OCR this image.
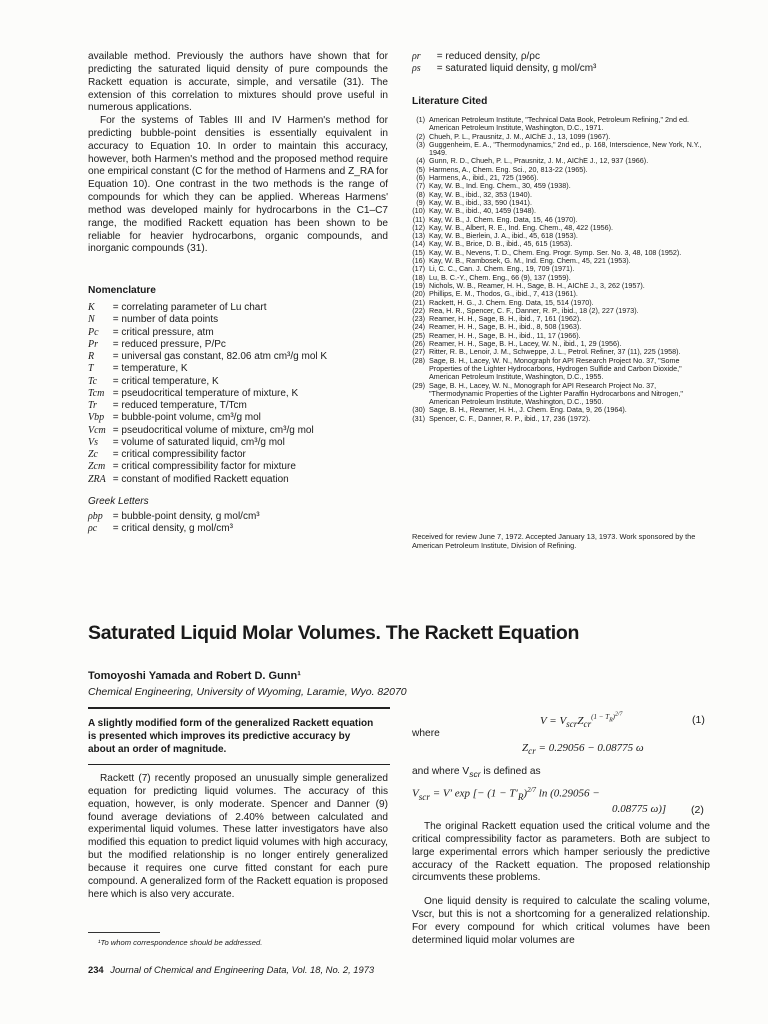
available method. Previously the authors have shown that for predicting the saturated liquid density of pure compounds the Rackett equation is accurate, simple, and versatile (31). The extension of this correlation to mixtures should prove useful in numerous applications.

For the systems of Tables III and IV Harmen's method for predicting bubble-point densities is essentially equivalent in accuracy to Equation 10. In order to maintain this accuracy, however, both Harmen's method and the proposed method require one empirical constant (C for the method of Harmens and Z_RA for Equation 10). One contrast in the two methods is the range of compounds for which they can be applied. Whereas Harmens' method was developed mainly for hydrocarbons in the C1–C7 range, the modified Rackett equation has been shown to be reliable for heavier hydrocarbons, organic compounds, and inorganic compounds (31).

Nomenclature
K = correlating parameter of Lu chart
N = number of data points
Pc = critical pressure, atm
Pr = reduced pressure, P/Pc
R = universal gas constant, 82.06 atm cm³/g mol K
T = temperature, K
Tc = critical temperature, K
Tcm = pseudocritical temperature of mixture, K
Tr = reduced temperature, T/Tcm
Vbp = bubble-point volume, cm³/g mol
Vcm = pseudocritical volume of mixture, cm³/g mol
Vs = volume of saturated liquid, cm³/g mol
Zc = critical compressibility factor
Zcm = critical compressibility factor for mixture
ZRA = constant of modified Rackett equation
Greek Letters
ρbp = bubble-point density, g mol/cm³
ρc = critical density, g mol/cm³
ρr = reduced density, ρ/ρc
ρs = saturated liquid density, g mol/cm³
Literature Cited
(1) American Petroleum Institute, "Technical Data Book, Petroleum Refining," 2nd ed. American Petroleum Institute, Washington, D.C., 1971.
(2) Chueh, P. L., Prausnitz, J. M., AIChE J., 13, 1099 (1967).
(3) Guggenheim, E. A., "Thermodynamics," 2nd ed., p. 168, Interscience, New York, N.Y., 1949.
(4) Gunn, R. D., Chueh, P. L., Prausnitz, J. M., AIChE J., 12, 937 (1966).
(5) Harmens, A., Chem. Eng. Sci., 20, 813-22 (1965).
(6) Harmens, A., ibid., 21, 725 (1966).
(7) Kay, W. B., Ind. Eng. Chem., 30, 459 (1938).
(8) Kay, W. B., ibid., 32, 353 (1940).
(9) Kay, W. B., ibid., 33, 590 (1941).
(10) Kay, W. B., ibid., 40, 1459 (1948).
(11) Kay, W. B., J. Chem. Eng. Data, 15, 46 (1970).
(12) Kay, W. B., Albert, R. E., Ind. Eng. Chem., 48, 422 (1956).
(13) Kay, W. B., Bierlein, J. A., ibid., 45, 618 (1953).
(14) Kay, W. B., Brice, D. B., ibid., 45, 615 (1953).
(15) Kay, W. B., Nevens, T. D., Chem. Eng. Progr. Symp. Ser. No. 3, 48, 108 (1952).
(16) Kay, W. B., Rambosek, G. M., Ind. Eng. Chem., 45, 221 (1953).
(17) Li, C. C., Can. J. Chem. Eng., 19, 709 (1971).
(18) Lu, B. C.-Y., Chem. Eng., 66 (9), 137 (1959).
(19) Nichols, W. B., Reamer, H. H., Sage, B. H., AIChE J., 3, 262 (1957).
(20) Phillips, E. M., Thodos, G., ibid., 7, 413 (1961).
(21) Rackett, H. G., J. Chem. Eng. Data, 15, 514 (1970).
(22) Rea, H. R., Spencer, C. F., Danner, R. P., ibid., 18 (2), 227 (1973).
(23) Reamer, H. H., Sage, B. H., ibid., 7, 161 (1962).
(24) Reamer, H. H., Sage, B. H., ibid., 8, 508 (1963).
(25) Reamer, H. H., Sage, B. H., ibid., 11, 17 (1966).
(26) Reamer, H. H., Sage, B. H., Lacey, W. N., ibid., 1, 29 (1956).
(27) Ritter, R. B., Lenoir, J. M., Schweppe, J. L., Petrol. Refiner, 37 (11), 225 (1958).
(28) Sage, B. H., Lacey, W. N., Monograph for API Research Project No. 37, "Some Properties of the Lighter Hydrocarbons, Hydrogen Sulfide and Carbon Dioxide," American Petroleum Institute, Washington, D.C., 1955.
(29) Sage, B. H., Lacey, W. N., Monograph for API Research Project No. 37, "Thermodynamic Properties of the Lighter Paraffin Hydrocarbons and Nitrogen," American Petroleum Institute, Washington, D.C., 1950.
(30) Sage, B. H., Reamer, H. H., J. Chem. Eng. Data, 9, 26 (1964).
(31) Spencer, C. F., Danner, R. P., ibid., 17, 236 (1972).

Received for review June 7, 1972. Accepted January 13, 1973. Work sponsored by the American Petroleum Institute, Division of Refining.

Saturated Liquid Molar Volumes. The Rackett Equation
Tomoyoshi Yamada and Robert D. Gunn¹
Chemical Engineering, University of Wyoming, Laramie, Wyo. 82070

A slightly modified form of the generalized Rackett equation is presented which improves its predictive accuracy by about an order of magnitude.

Rackett (7) recently proposed an unusually simple generalized equation for predicting liquid volumes. The accuracy of this equation, however, is only moderate. Spencer and Danner (9) found average deviations of 2.40% between calculated and experimental liquid volumes. These latter investigators have also modified this equation to predict liquid volumes with high accuracy, but the modified relationship is no longer entirely generalized because it requires one curve fitted constant for each pure compound. A generalized form of the Rackett equation is proposed here which is also very accurate.

¹To whom correspondence should be addressed.
$V = V_{scr}Z_{cr}^{(1 - T_R)^{2/7}}$	(1)
where
$Z_{cr} = 0.29056 - 0.08775$ ω
and where $V_{scr}$ is defined as
$V_{scr} = V'$ exp [− $(1 - T'_R)^{2/7}$ ln (0.29056 −
0.08775 ω)] (2)

The original Rackett equation used the critical volume and the critical compressibility factor as parameters. Both are subject to large experimental errors which hamper seriously the predictive accuracy of the Rackett equation. The proposed relationship circumvents these problems.

One liquid density is required to calculate the scaling volume, Vscr, but this is not a shortcoming for a generalized relationship. For every compound for which critical volumes have been determined liquid molar volumes are

234 Journal of Chemical and Engineering Data, Vol. 18, No. 2, 1973
